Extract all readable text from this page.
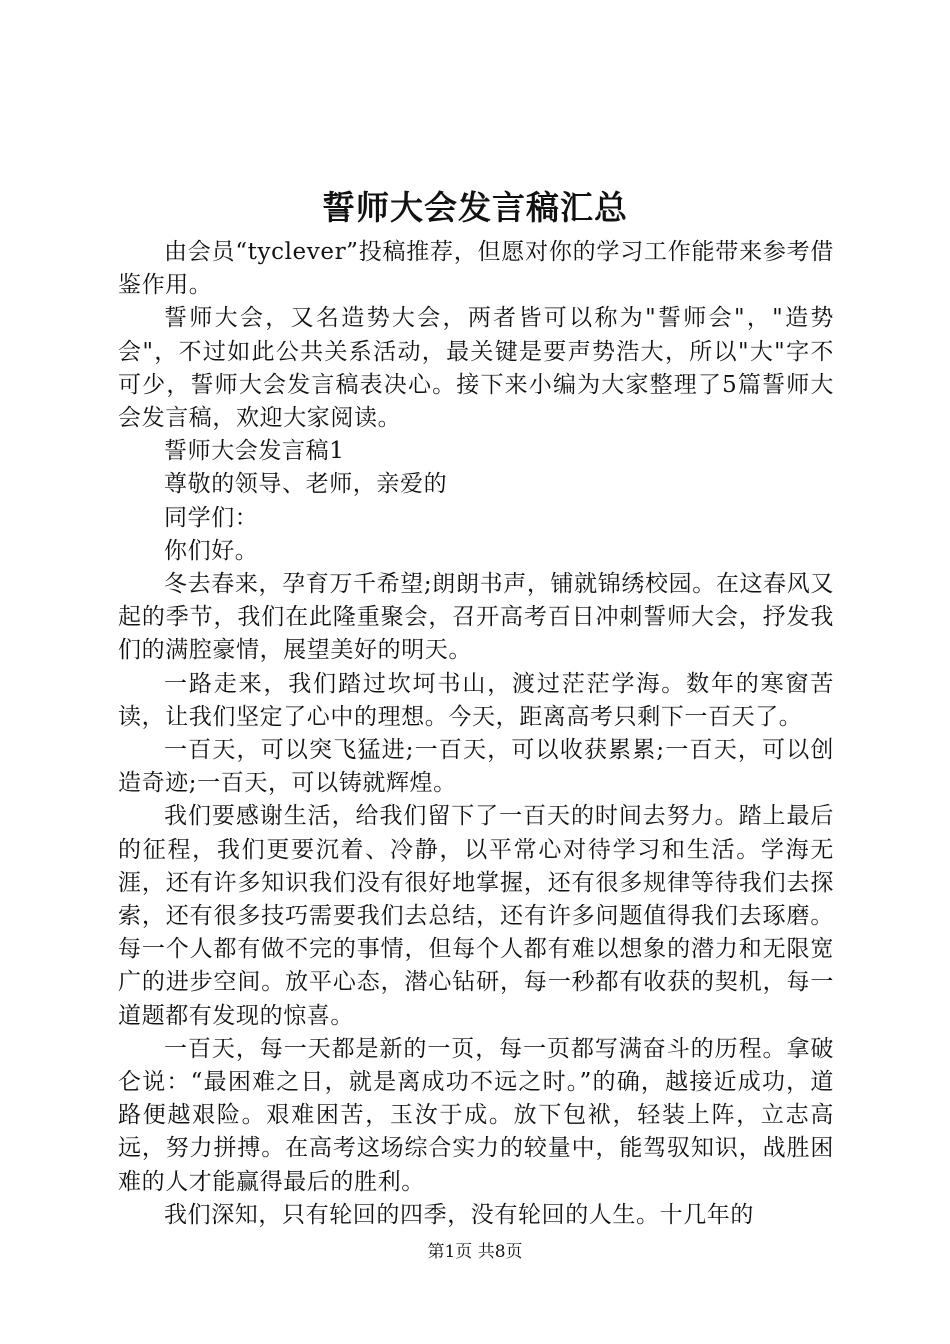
誓师大会发言稿汇总

由会员“tyclever”投稿推荐，但愿对你的学习工作能带来参考借鉴作用。

誓师大会，又名造势大会，两者皆可以称为"誓师会"，"造势会"，不过如此公共关系活动，最关键是要声势浩大，所以"大"字不可少，誓师大会发言稿表决心。接下来小编为大家整理了5篇誓师大会发言稿，欢迎大家阅读。

誓师大会发言稿1

尊敬的领导、老师，亲爱的

同学们：

你们好。

冬去春来，孕育万千希望;朗朗书声，铺就锦绣校园。在这春风又起的季节，我们在此隆重聚会，召开高考百日冲刺誓师大会，抒发我们的满腔豪情，展望美好的明天。

一路走来，我们踏过坎坷书山，渡过茫茫学海。数年的寒窗苦读，让我们坚定了心中的理想。今天，距离高考只剩下一百天了。

一百天，可以突飞猛进;一百天，可以收获累累;一百天，可以创造奇迹;一百天，可以铸就辉煌。

我们要感谢生活，给我们留下了一百天的时间去努力。踏上最后的征程，我们更要沉着、冷静，以平常心对待学习和生活。学海无涯，还有许多知识我们没有很好地掌握，还有很多规律等待我们去探索，还有很多技巧需要我们去总结，还有许多问题值得我们去琢磨。每一个人都有做不完的事情，但每个人都有难以想象的潜力和无限宽广的进步空间。放平心态，潜心钻研，每一秒都有收获的契机，每一道题都有发现的惊喜。

一百天，每一天都是新的一页，每一页都写满奋斗的历程。拿破仑说：“最困难之日，就是离成功不远之时。”的确，越接近成功，道路便越艰险。艰难困苦，玉汝于成。放下包袱，轻装上阵，立志高远，努力拼搏。在高考这场综合实力的较量中，能驾驭知识，战胜困难的人才能赢得最后的胜利。

我们深知，只有轮回的四季，没有轮回的人生。十几年的

第1页 共8页
